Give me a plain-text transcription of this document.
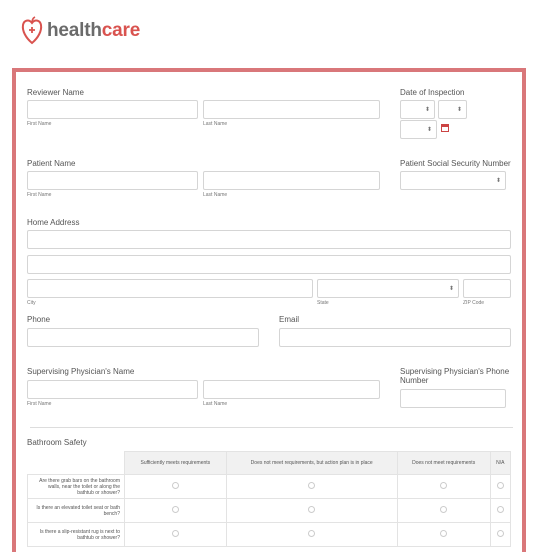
healthcare
Reviewer Name
First Name	Last Name
Date of Inspection
⬍	⬍
⬍
Patient Name
First Name	Last Name
Patient Social Security Number
⬍
Home Address
City
⬍
State	ZIP Code
Phone	Email
Supervising Physician's Name
First Name	Last Name
Supervising Physician's Phone Number
Bathroom Safety
	Sufficiently meets requirements	Does not meet requirements, but action plan is in place	Does not meet requirements	N/A
Are there grab bars on the bathroom walls, near the toilet or along the bathtub or shower?				
Is there an elevated toilet seat or bath bench?				
Is there a slip-resistant rug is next to bathtub or shower?				
